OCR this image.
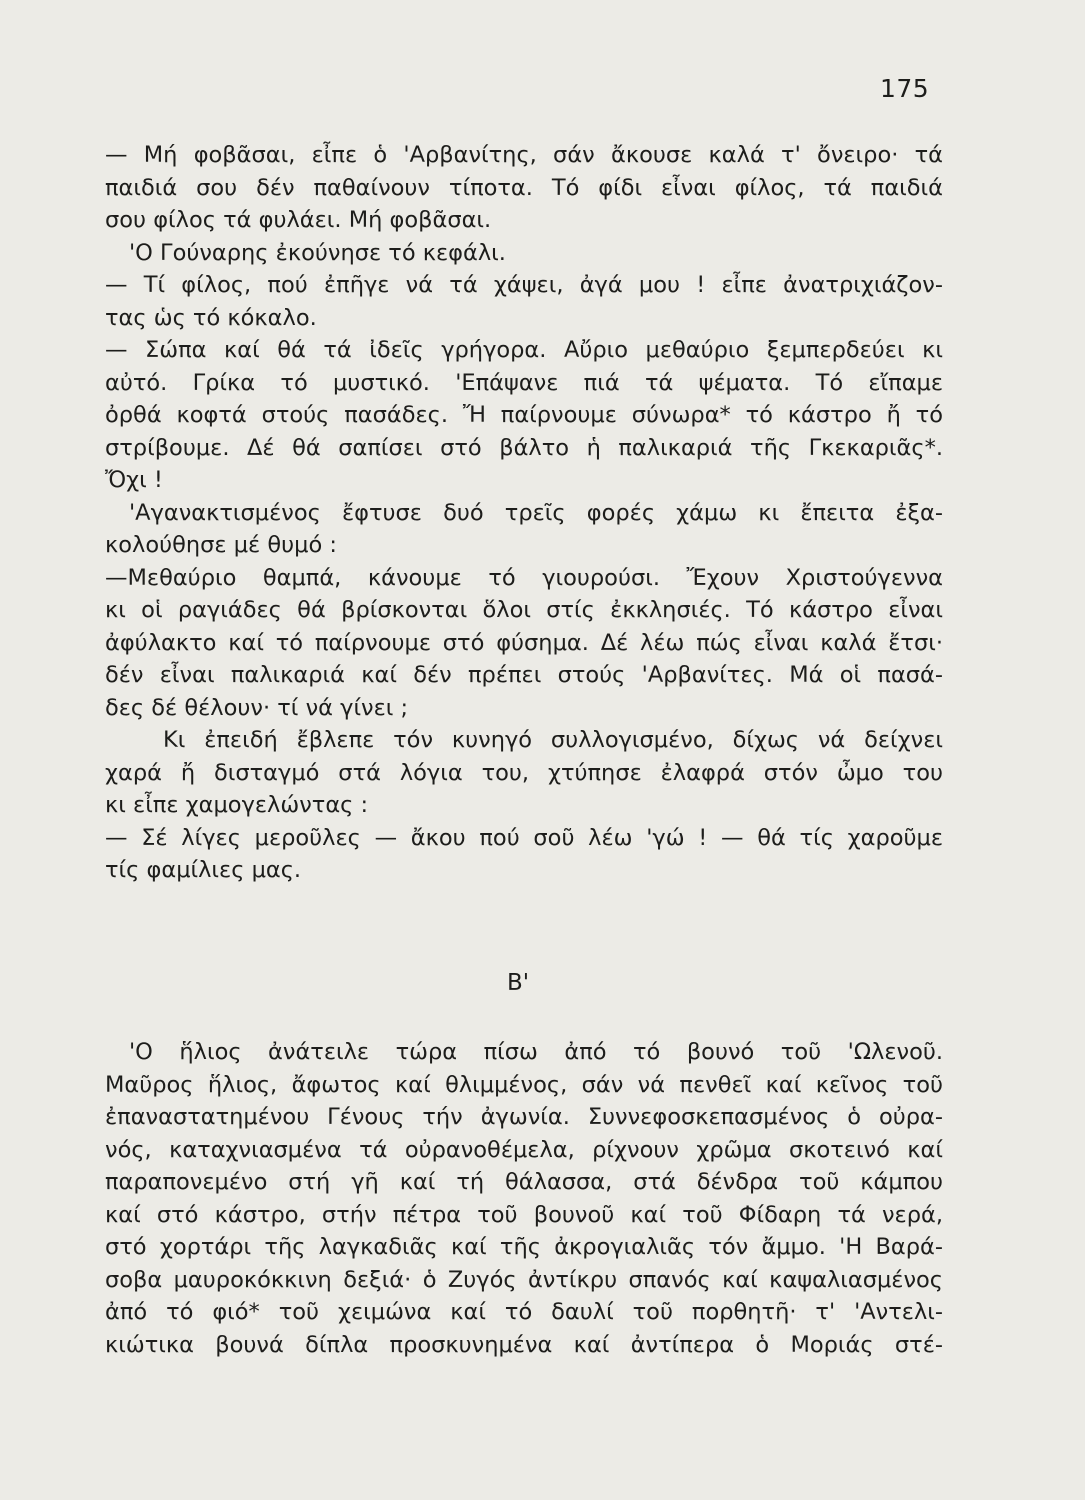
175
— Μή φοβᾶσαι, εἶπε ὁ 'Αρβανίτης, σάν ἄκουσε καλά τ' ὄνειρο· τά
παιδιά σου δέν παθαίνουν τίποτα. Τό φίδι εἶναι φίλος, τά παιδιά
σου φίλος τά φυλάει. Μή φοβᾶσαι.
'Ο Γούναρης ἐκούνησε τό κεφάλι.
— Τί φίλος, πού ἐπῆγε νά τά χάψει, ἀγά μου ! εἶπε ἀνατριχιάζον-
τας ὡς τό κόκαλο.
— Σώπα καί θά τά ἰδεῖς γρήγορα. Αὔριο μεθαύριο ξεμπερδεύει κι
αὐτό. Γρίκα τό μυστικό. 'Επάψανε πιά τά ψέματα. Τό εἴπαμε
ὀρθά κοφτά στούς πασάδες. Ἤ παίρνουμε σύνωρα* τό κάστρο ἤ τό
στρίβουμε. Δέ θά σαπίσει στό βάλτο ἡ παλικαριά τῆς Γκεκαριᾶς*.
Ὄχι !
'Αγανακτισμένος ἔφτυσε δυό τρεῖς φορές χάμω κι ἔπειτα ἐξα-
κολούθησε μέ θυμό :
—Μεθαύριο θαμπά, κάνουμε τό γιουρούσι. Ἔχουν Χριστούγεννα
κι οἱ ραγιάδες θά βρίσκονται ὅλοι στίς ἐκκλησιές. Τό κάστρο εἶναι
ἀφύλακτο καί τό παίρνουμε στό φύσημα. Δέ λέω πώς εἶναι καλά ἔτσι·
δέν εἶναι παλικαριά καί δέν πρέπει στούς 'Αρβανίτες. Μά οἱ πασά-
δες δέ θέλουν· τί νά γίνει ;
Κι ἐπειδή ἔβλεπε τόν κυνηγό συλλογισμένο, δίχως νά δείχνει
χαρά ἤ δισταγμό στά λόγια του, χτύπησε ἐλαφρά στόν ὦμο του
κι εἶπε χαμογελώντας :
— Σέ λίγες μεροῦλες — ἄκου πού σοῦ λέω 'γώ ! — θά τίς χαροῦμε
τίς φαμίλιες μας.
Β'
'Ο ἥλιος ἀνάτειλε τώρα πίσω ἀπό τό βουνό τοῦ 'Ωλενοῦ.
Μαῦρος ἥλιος, ἄφωτος καί θλιμμένος, σάν νά πενθεῖ καί κεῖνος τοῦ
ἐπαναστατημένου Γένους τήν ἀγωνία. Συννεφοσκεπασμένος ὁ οὐρα-
νός, καταχνιασμένα τά οὐρανοθέμελα, ρίχνουν χρῶμα σκοτεινό καί
παραπονεμένο στή γῆ καί τή θάλασσα, στά δένδρα τοῦ κάμπου
καί στό κάστρο, στήν πέτρα τοῦ βουνοῦ καί τοῦ Φίδαρη τά νερά,
στό χορτάρι τῆς λαγκαδιᾶς καί τῆς ἀκρογιαλιᾶς τόν ἄμμο. 'Η Βαρά-
σοβα μαυροκόκκινη δεξιά· ὁ Ζυγός ἀντίκρυ σπανός καί καψαλιασμένος
ἀπό τό φιό* τοῦ χειμώνα καί τό δαυλί τοῦ πορθητῆ· τ' 'Αντελι-
κιώτικα βουνά δίπλα προσκυνημένα καί ἀντίπερα ὁ Μοριάς στέ-
